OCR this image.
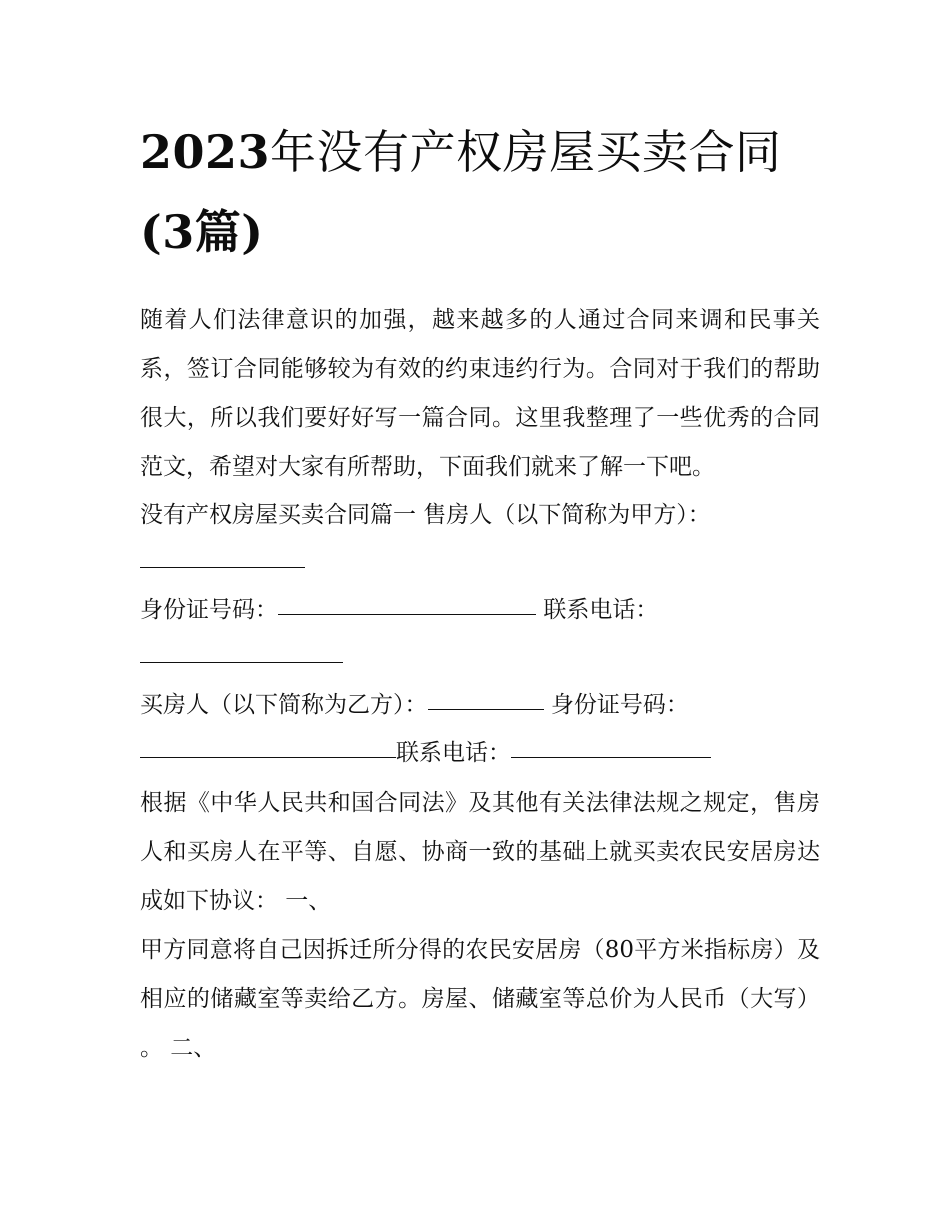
2023年没有产权房屋买卖合同
(3篇)

随着人们法律意识的加强，越来越多的人通过合同来调和民事关系，签订合同能够较为有效的约束违约行为。合同对于我们的帮助很大，所以我们要好好写一篇合同。这里我整理了一些优秀的合同范文，希望对大家有所帮助，下面我们就来了解一下吧。

没有产权房屋买卖合同篇一 售房人（以下简称为甲方）：

身份证号码：	联系电话：

买房人（以下简称为乙方）：	身份证号码：

联系电话：

根据《中华人民共和国合同法》及其他有关法律法规之规定，售房人和买房人在平等、自愿、协商一致的基础上就买卖农民安居房达成如下协议： 一、

甲方同意将自己因拆迁所分得的农民安居房（80平方米指标房）及相应的储藏室等卖给乙方。房屋、储藏室等总价为人民币（大写） 。 二、
